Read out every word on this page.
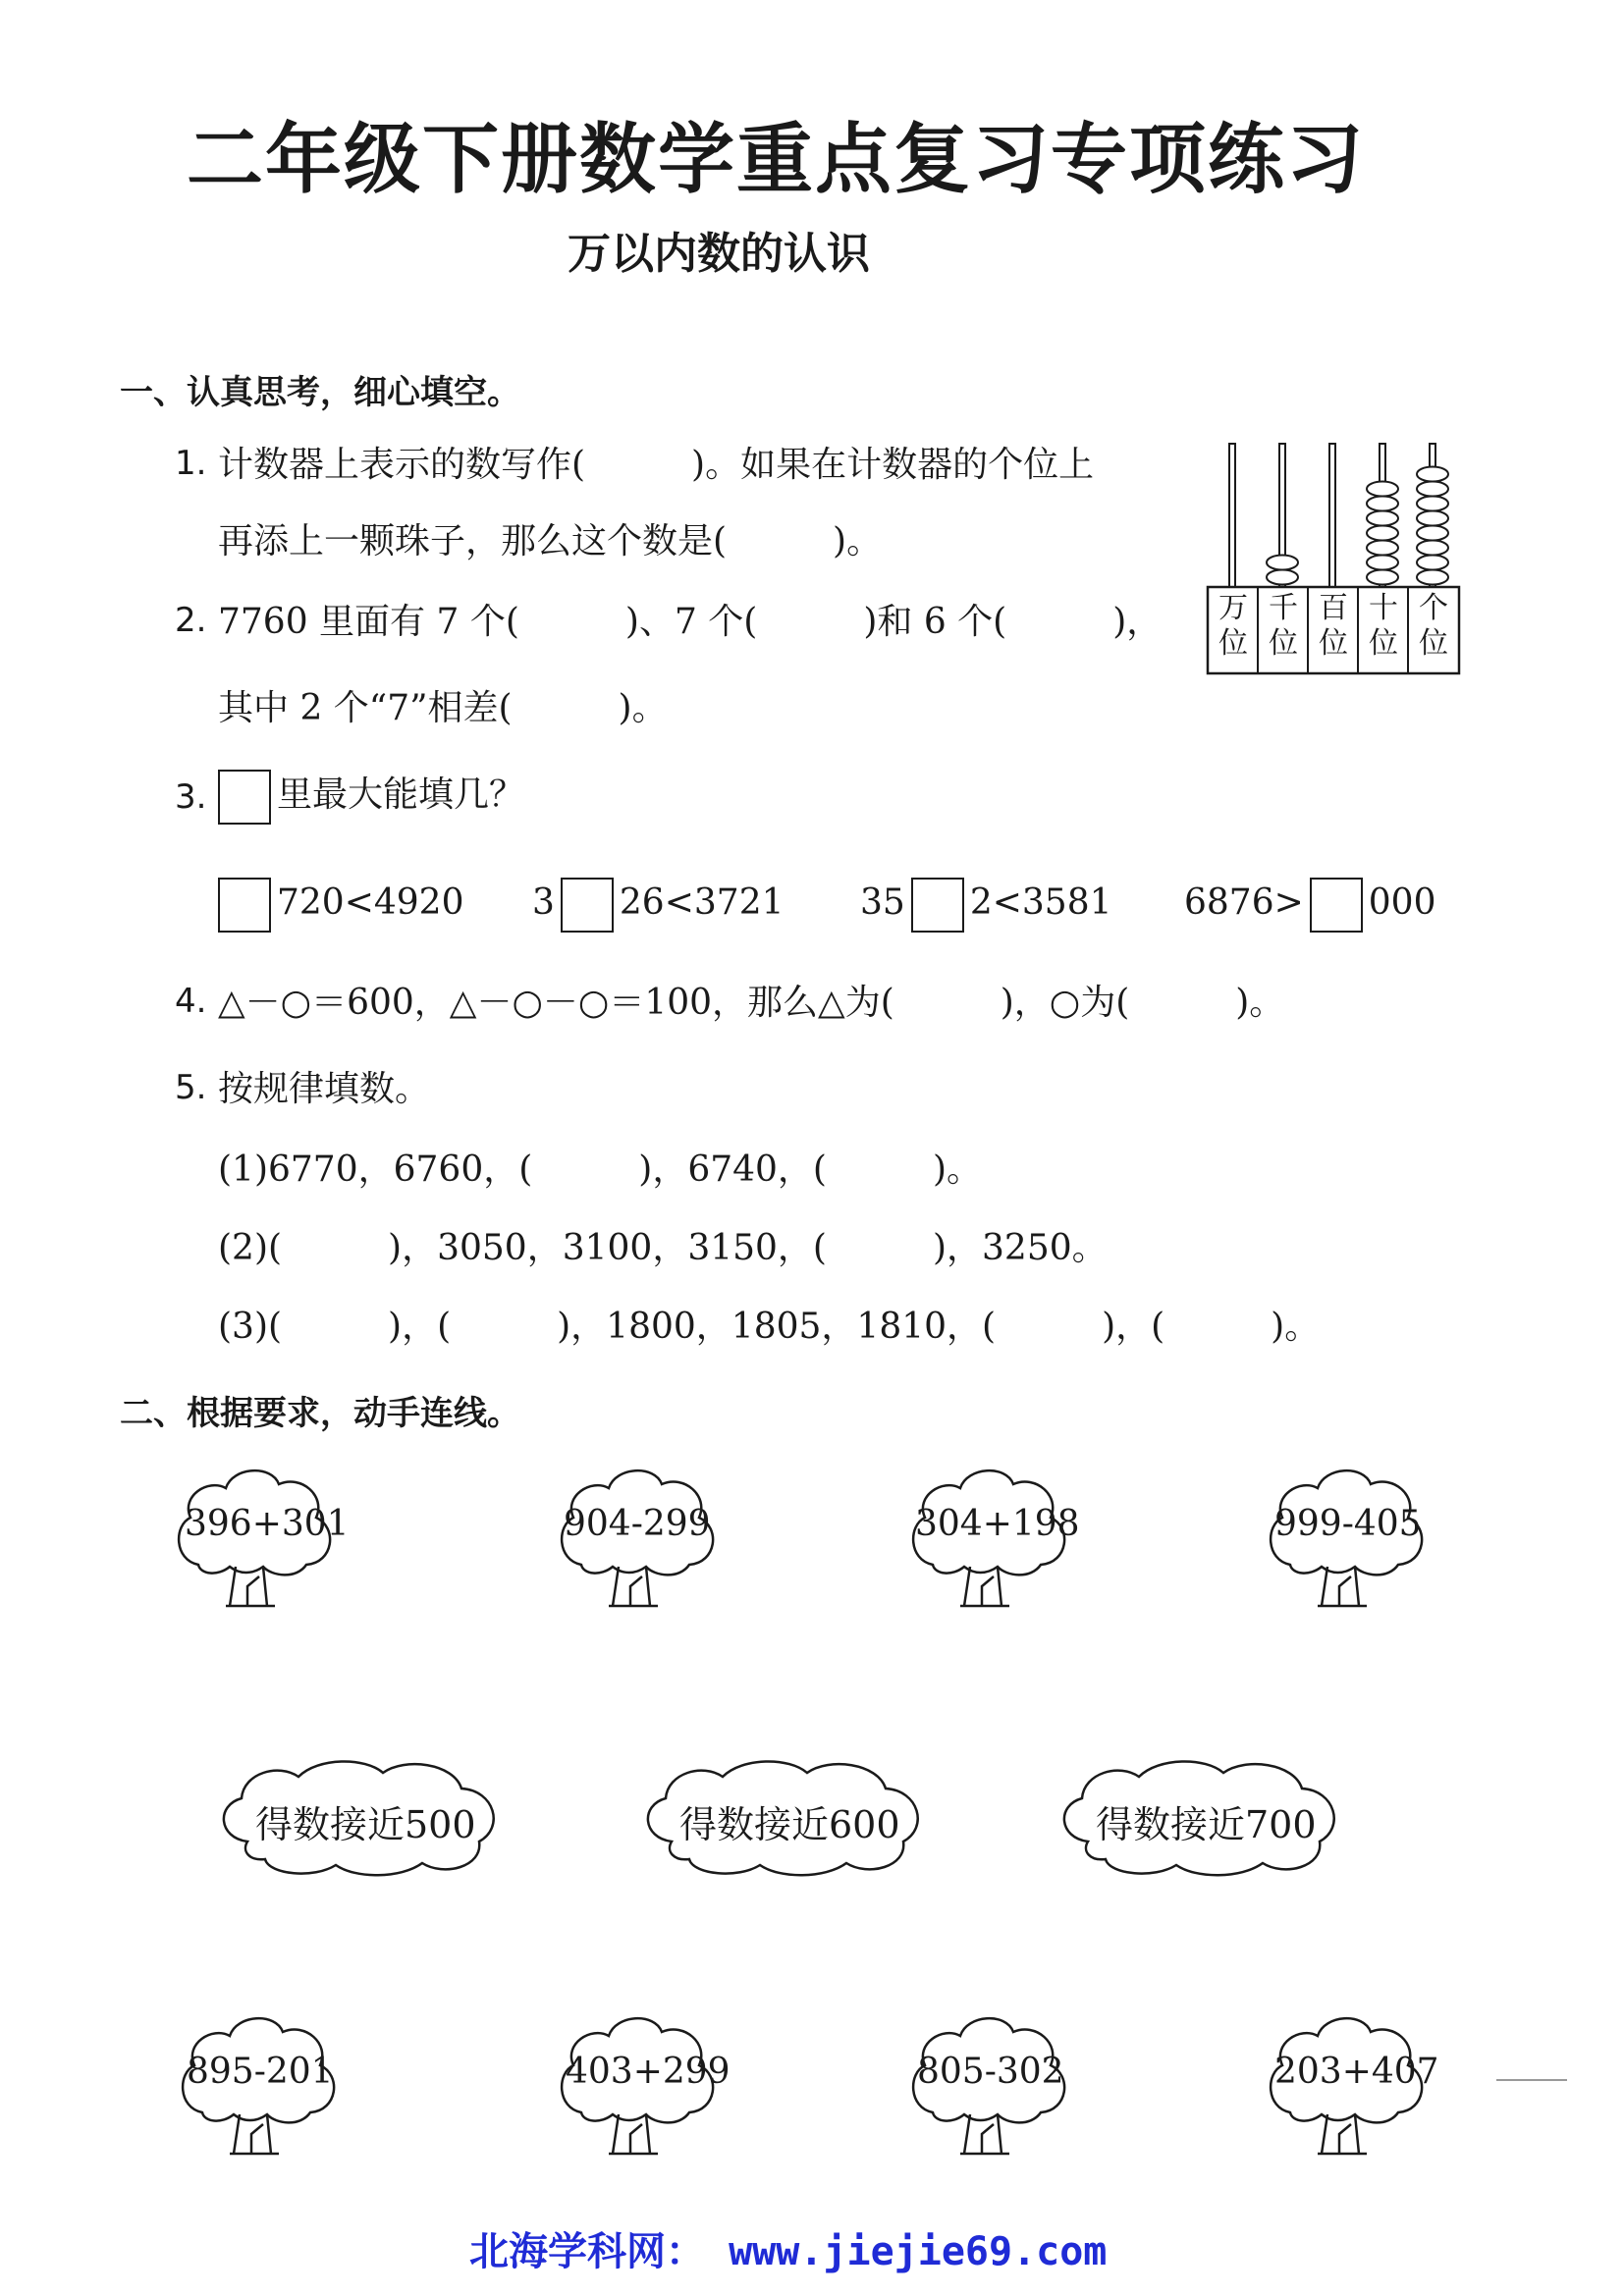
二年级下册数学重点复习专项练习
万以内数的认识
一、认真思考，细心填空。
1. 计数器上表示的数写作(　　　)。如果在计数器的个位上
再添上一颗珠子，那么这个数是(　　　)。
2. 7760 里面有 7 个(　　　)、7 个(　　　)和 6 个(　　　)，
其中 2 个“7”相差(　　　)。
万位
千位
百位
十位
个位
3.	里最大能填几？
720<4920 3 26<3721 35 2<3581 6876> 000
4. △－○＝600，△－○－○＝100，那么△为(　　　)，○为(　　　)。
5. 按规律填数。
(1)6770，6760，(　　　)，6740，(　　　)。
(2)(　　　)，3050，3100，3150，(　　　)，3250。
(3)(　　　)，(　　　)，1800，1805，1810，(　　　)，(　　　)。
二、根据要求，动手连线。
396+301	904-299	304+198	999-405
得数接近500	得数接近600	得数接近700
895-201	403+299	805-302	203+407
北海学科网： www.jiejie69.com
